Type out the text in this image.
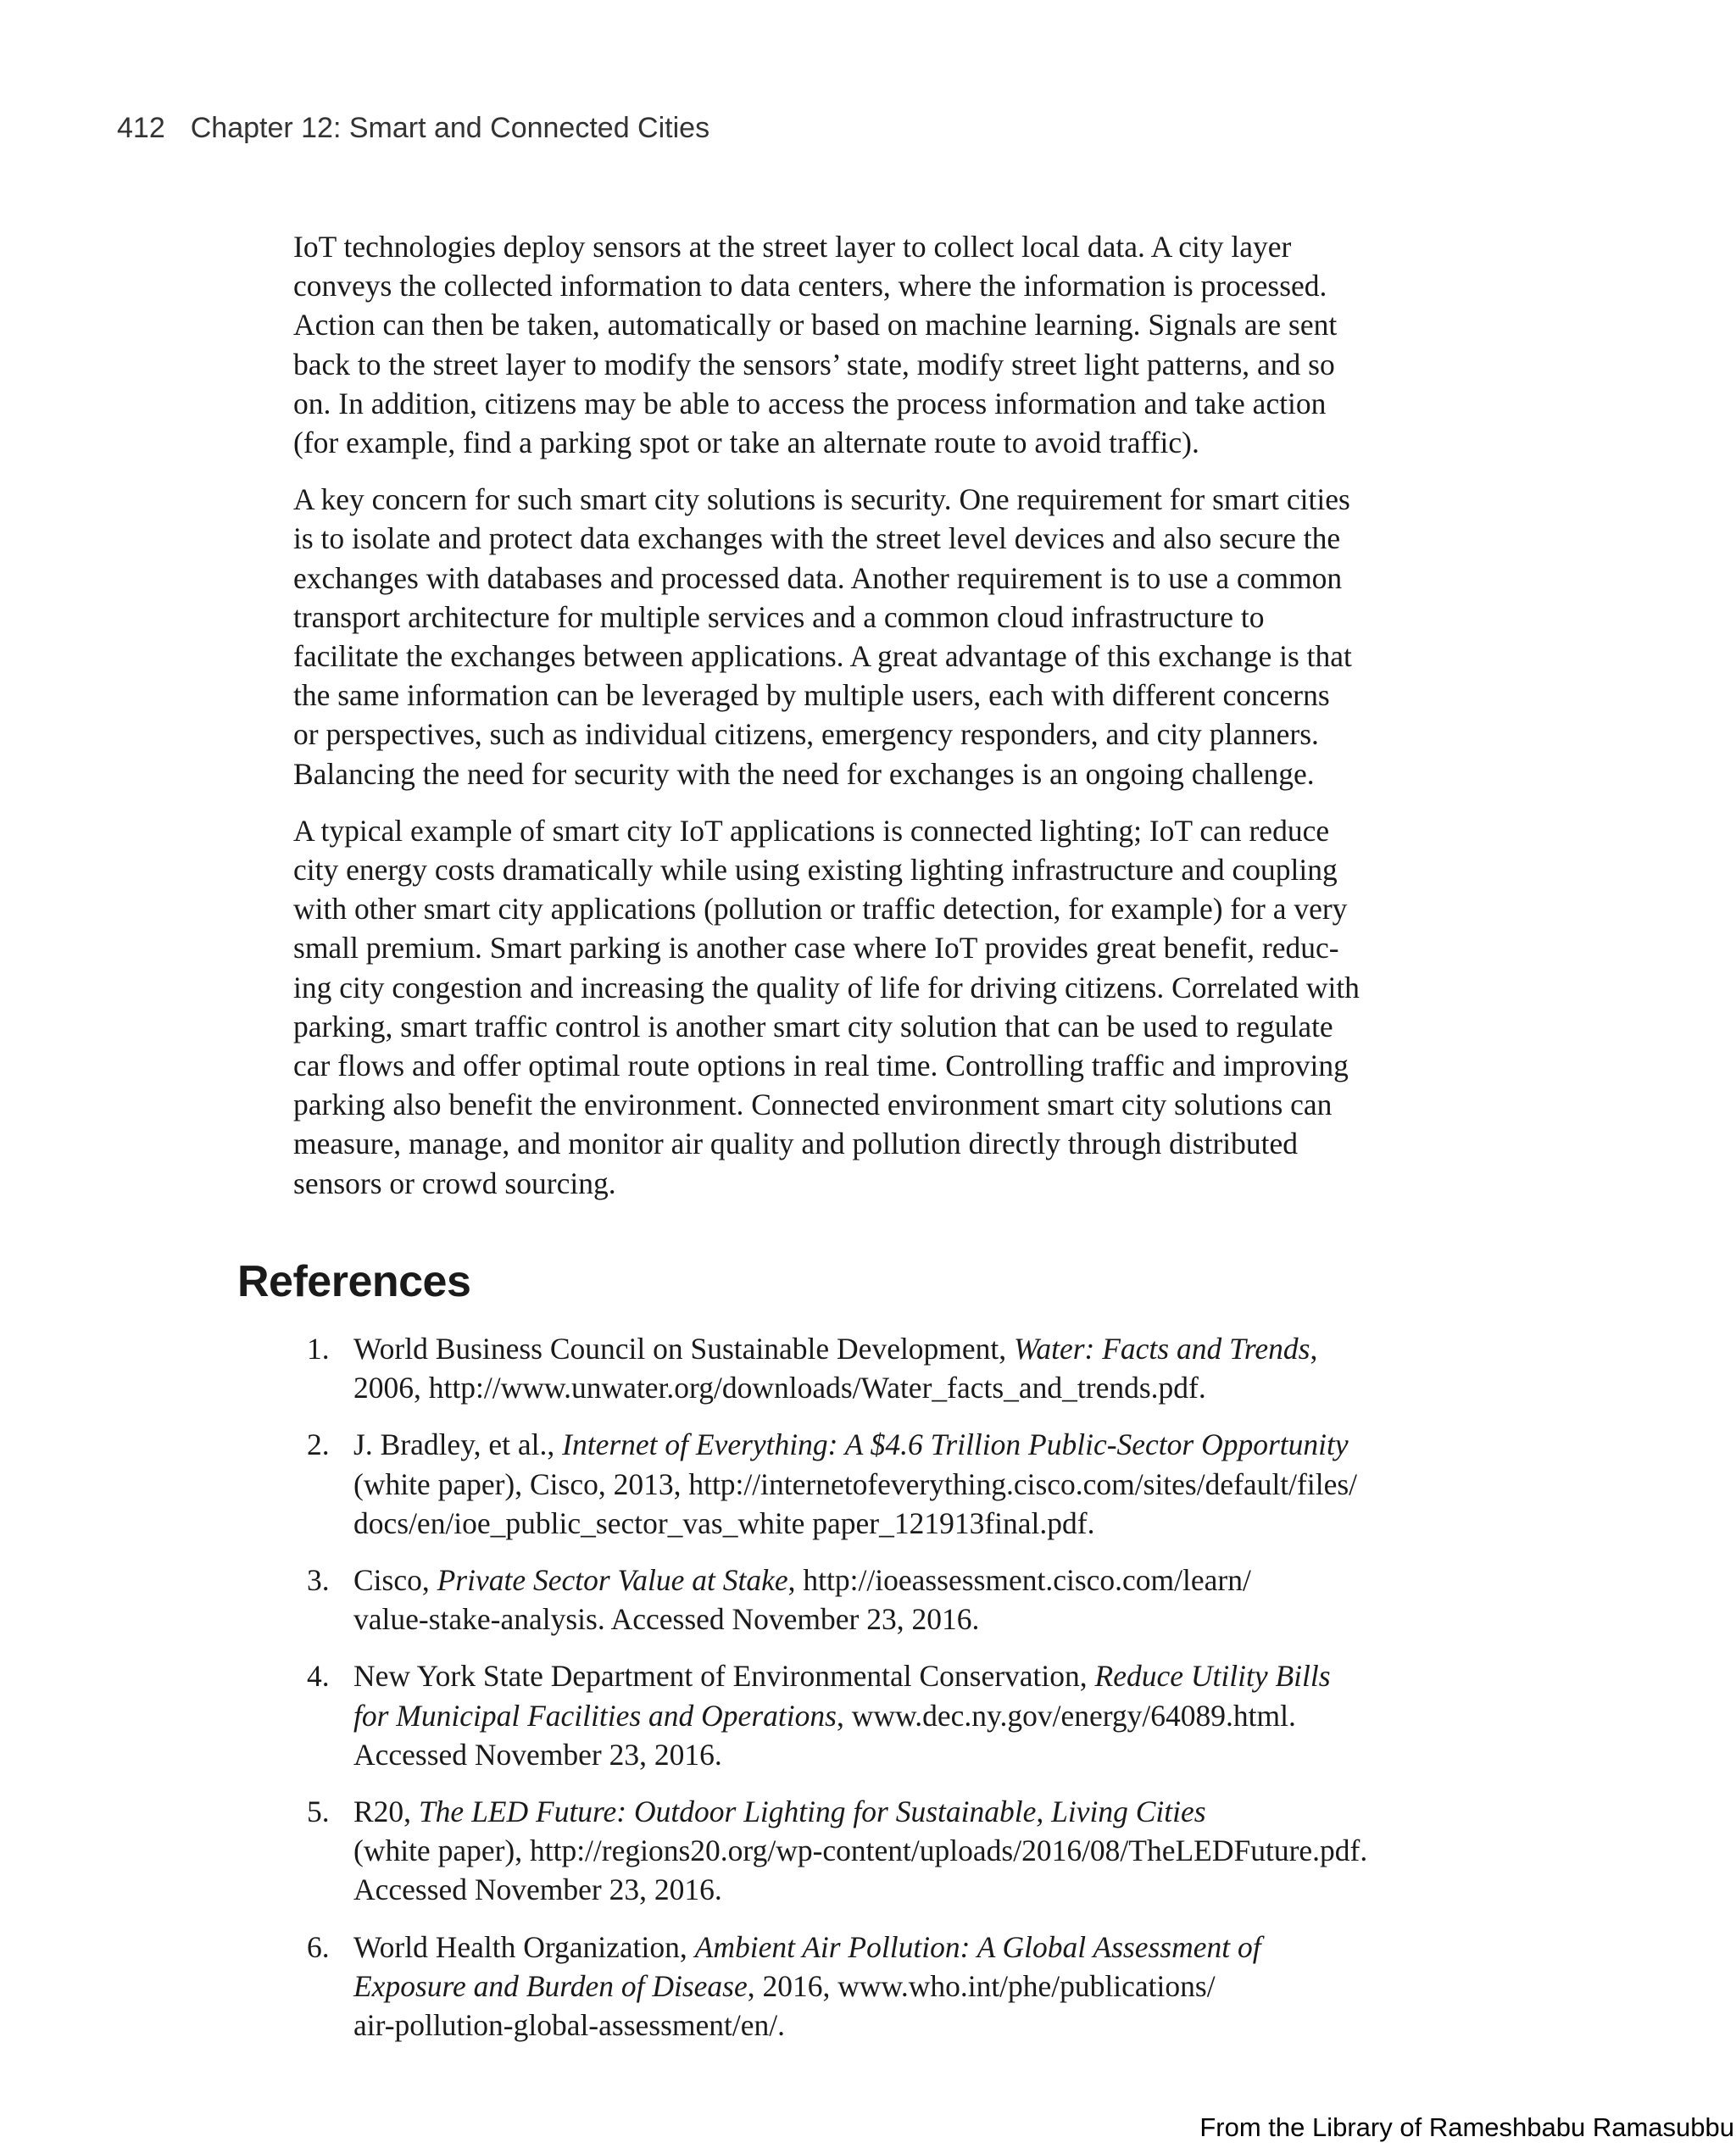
412 Chapter 12: Smart and Connected Cities

IoT technologies deploy sensors at the street layer to collect local data. A city layer
conveys the collected information to data centers, where the information is processed.
Action can then be taken, automatically or based on machine learning. Signals are sent
back to the street layer to modify the sensors’ state, modify street light patterns, and so
on. In addition, citizens may be able to access the process information and take action
(for example, find a parking spot or take an alternate route to avoid traffic).

A key concern for such smart city solutions is security. One requirement for smart cities
is to isolate and protect data exchanges with the street level devices and also secure the
exchanges with databases and processed data. Another requirement is to use a common
transport architecture for multiple services and a common cloud infrastructure to
facilitate the exchanges between applications. A great advantage of this exchange is that
the same information can be leveraged by multiple users, each with different concerns
or perspectives, such as individual citizens, emergency responders, and city planners.
Balancing the need for security with the need for exchanges is an ongoing challenge.

A typical example of smart city IoT applications is connected lighting; IoT can reduce
city energy costs dramatically while using existing lighting infrastructure and coupling
with other smart city applications (pollution or traffic detection, for example) for a very
small premium. Smart parking is another case where IoT provides great benefit, reduc-
ing city congestion and increasing the quality of life for driving citizens. Correlated with
parking, smart traffic control is another smart city solution that can be used to regulate
car flows and offer optimal route options in real time. Controlling traffic and improving
parking also benefit the environment. Connected environment smart city solutions can
measure, manage, and monitor air quality and pollution directly through distributed
sensors or crowd sourcing.

References
1. World Business Council on Sustainable Development, Water: Facts and Trends,
2006, http://www.unwater.org/downloads/Water_facts_and_trends.pdf.
2. J. Bradley, et al., Internet of Everything: A $4.6 Trillion Public-Sector Opportunity
(white paper), Cisco, 2013, http://internetofeverything.cisco.com/sites/default/files/
docs/en/ioe_public_sector_vas_white paper_121913final.pdf.
3. Cisco, Private Sector Value at Stake, http://ioeassessment.cisco.com/learn/
value-stake-analysis. Accessed November 23, 2016.
4. New York State Department of Environmental Conservation, Reduce Utility Bills
for Municipal Facilities and Operations, www.dec.ny.gov/energy/64089.html.
Accessed November 23, 2016.
5. R20, The LED Future: Outdoor Lighting for Sustainable, Living Cities
(white paper), http://regions20.org/wp-content/uploads/2016/08/TheLEDFuture.pdf.
Accessed November 23, 2016.
6. World Health Organization, Ambient Air Pollution: A Global Assessment of
Exposure and Burden of Disease, 2016, www.who.int/phe/publications/
air-pollution-global-assessment/en/.
From the Library of Rameshbabu Ramasubbu
